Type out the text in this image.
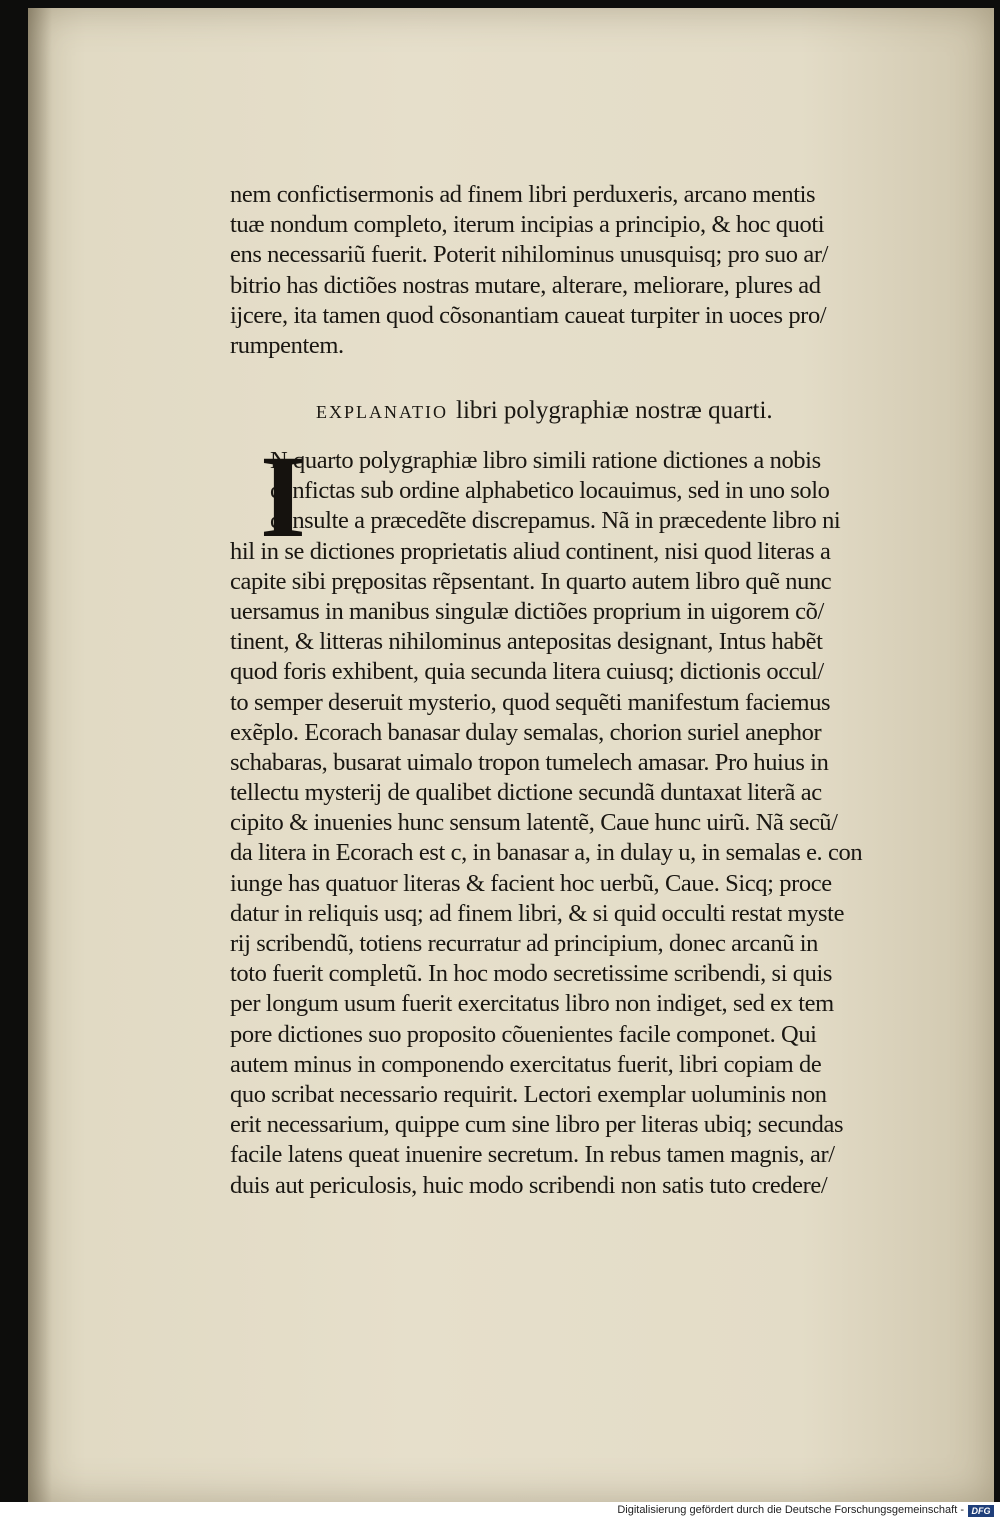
nem confictisermonis ad finem libri perduxeris, arcano mentis
tuæ nondum completo, iterum incipias a principio, & hoc quoti
ens necessariũ fuerit. Poterit nihilominus unusquisq; pro suo ar/
bitrio has dictiões nostras mutare, alterare, meliorare, plures ad
ijcere, ita tamen quod cõsonantiam caueat turpiter in uoces pro/
rumpentem.
EXPLANATIO libri polygraphiæ nostræ quarti.
I
N quarto polygraphiæ libro simili ratione dictiones a nobis
confictas sub ordine alphabetico locauimus, sed in uno solo
consulte a præcedẽte discrepamus. Nã in præcedente libro ni
hil in se dictiones proprietatis aliud continent, nisi quod literas a
capite sibi prępositas rẽpsentant. In quarto autem libro quẽ nunc
uersamus in manibus singulæ dictiões proprium in uigorem cõ/
tinent, & litteras nihilominus antepositas designant, Intus habẽt
quod foris exhibent, quia secunda litera cuiusq; dictionis occul/
to semper deseruit mysterio, quod sequẽti manifestum faciemus
exẽplo. Ecorach banasar dulay semalas, chorion suriel anephor
schabaras, busarat uimalo tropon tumelech amasar. Pro huius in
tellectu mysterij de qualibet dictione secundã duntaxat literã ac
cipito & inuenies hunc sensum latentẽ, Caue hunc uirũ. Nã secũ/
da litera in Ecorach est c, in banasar a, in dulay u, in semalas e. con
iunge has quatuor literas & facient hoc uerbũ, Caue. Sicq; proce
datur in reliquis usq; ad finem libri, & si quid occulti restat myste
rij scribendũ, totiens recurratur ad principium, donec arcanũ in
toto fuerit completũ. In hoc modo secretissime scribendi, si quis
per longum usum fuerit exercitatus libro non indiget, sed ex tem
pore dictiones suo proposito cõuenientes facile componet. Qui
autem minus in componendo exercitatus fuerit, libri copiam de
quo scribat necessario requirit. Lectori exemplar uoluminis non
erit necessarium, quippe cum sine libro per literas ubiq; secundas
facile latens queat inuenire secretum. In rebus tamen magnis, ar/
duis aut periculosis, huic modo scribendi non satis tuto credere/
Digitalisierung gefördert durch die Deutsche Forschungsgemeinschaft - DFG
